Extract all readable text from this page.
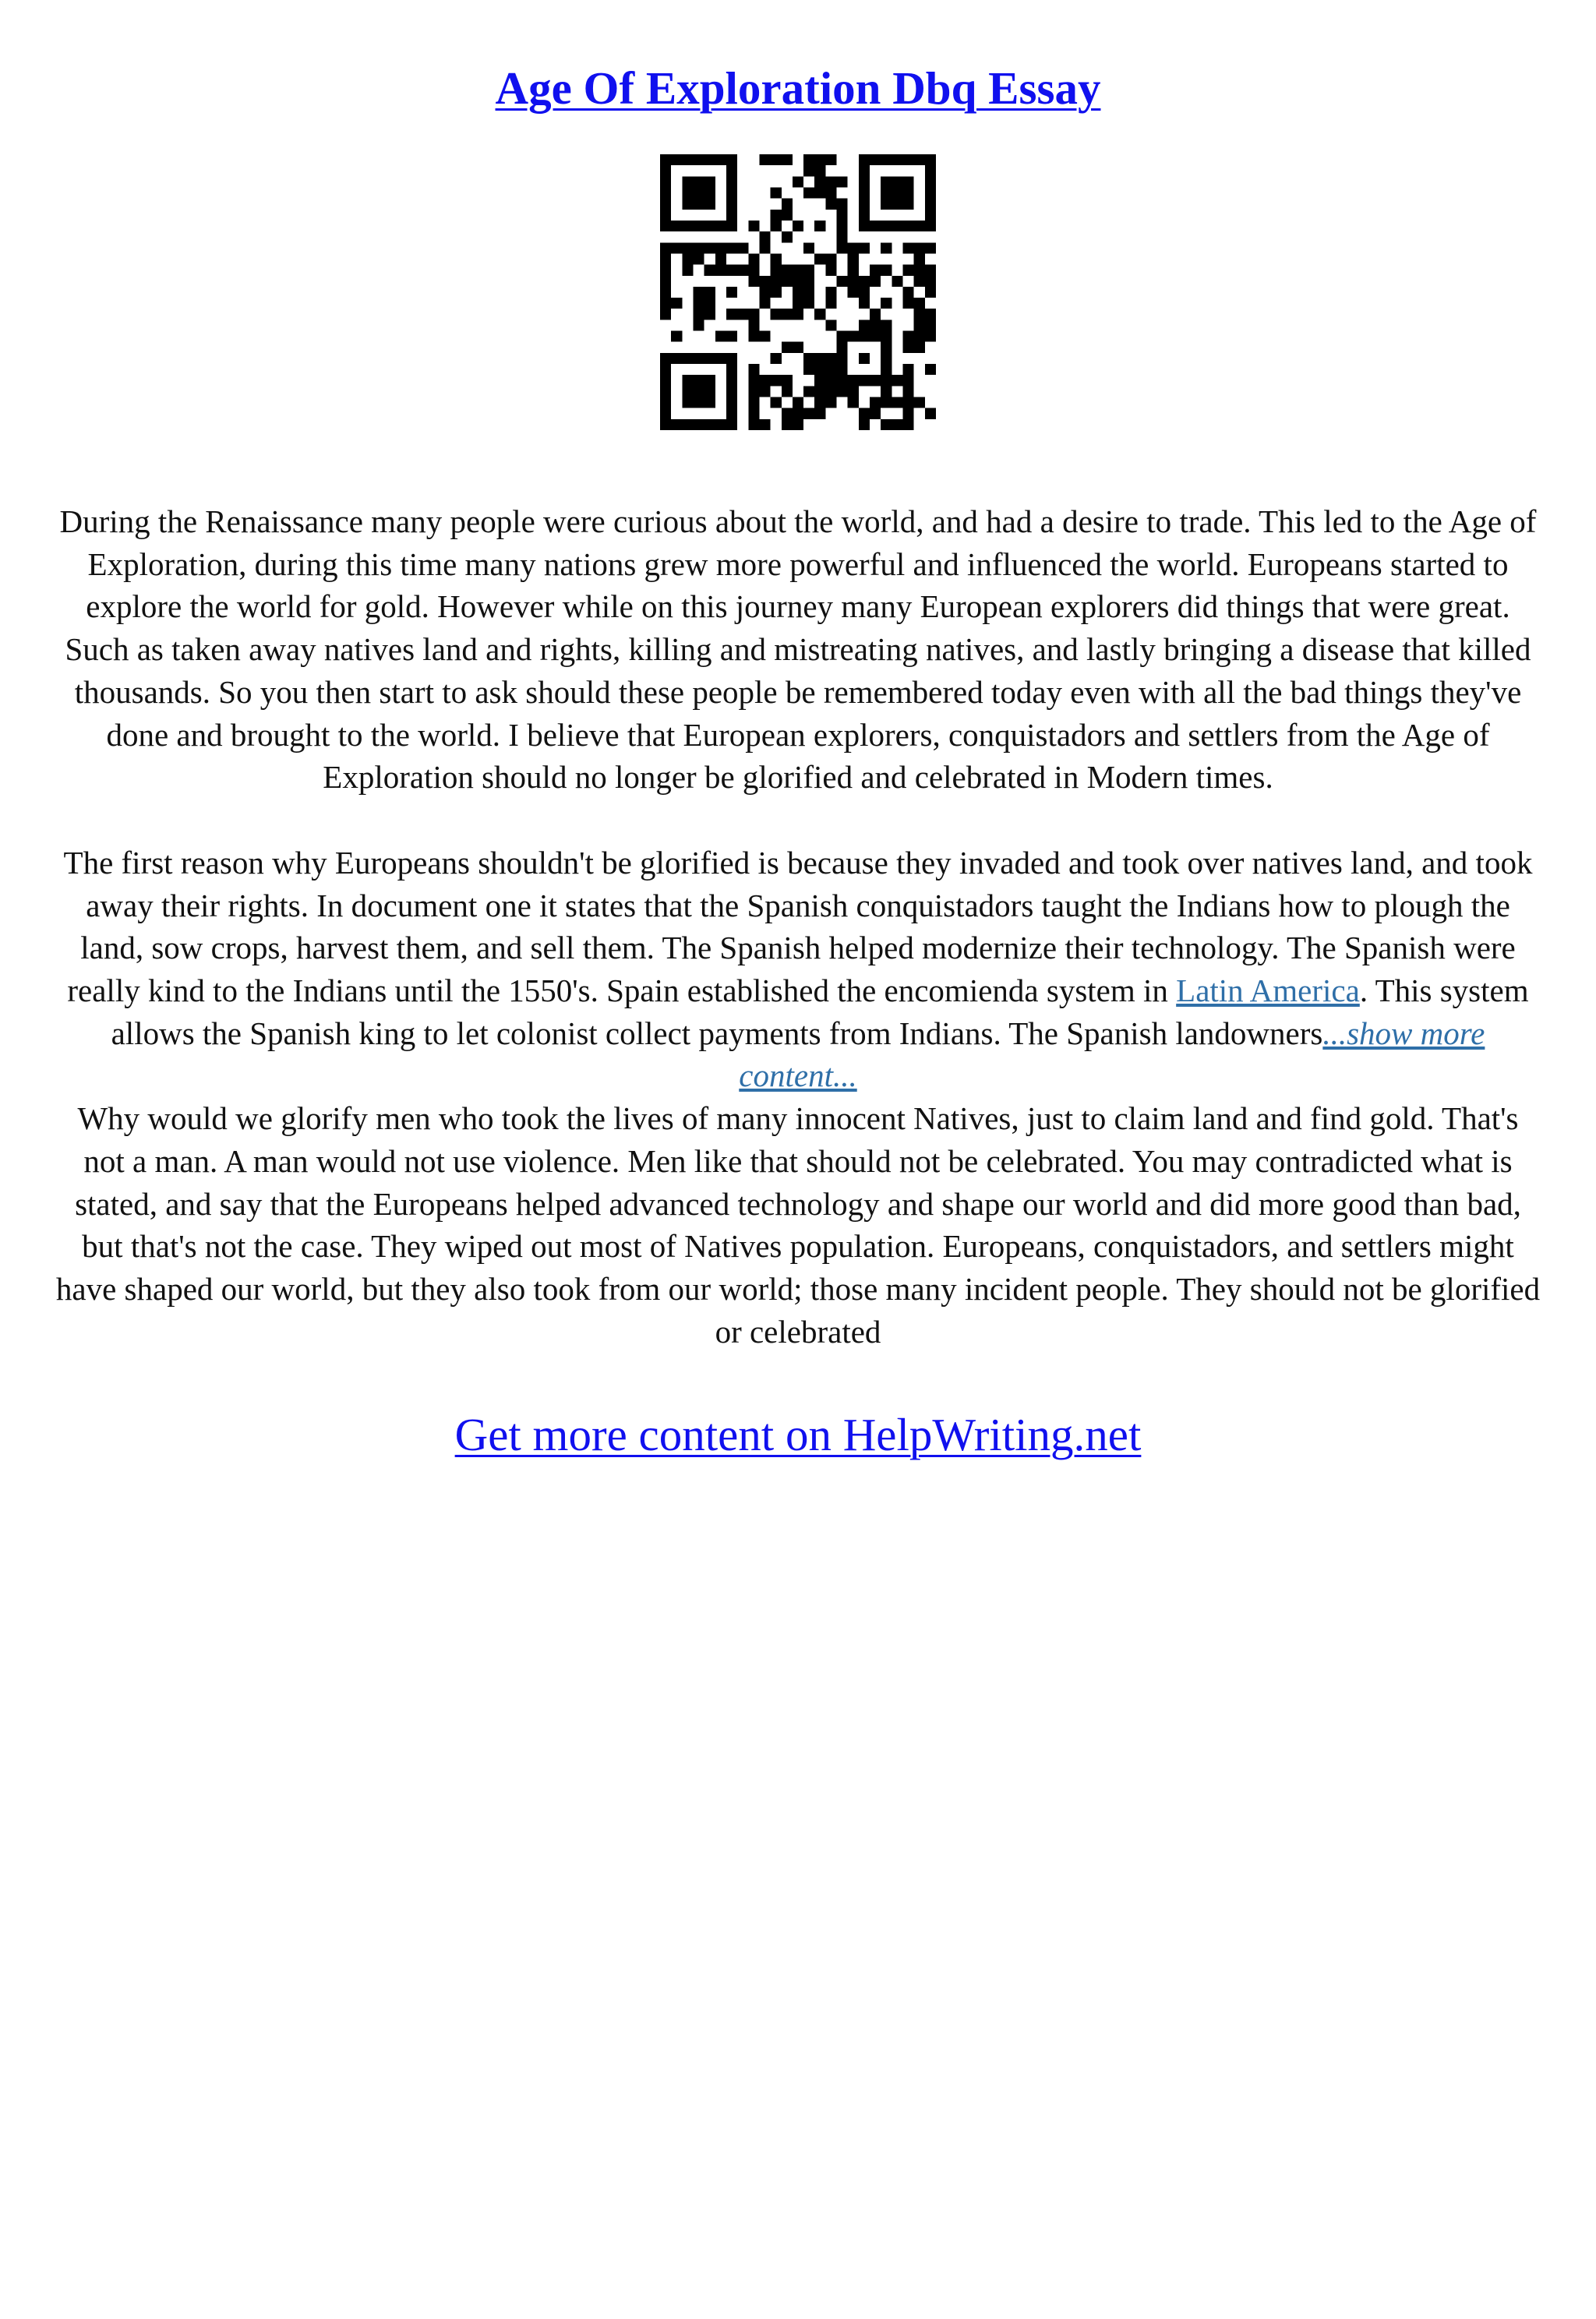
Age Of Exploration Dbq Essay

During the Renaissance many people were curious about the world, and had a desire to trade. This led to the Age of Exploration, during this time many nations grew more powerful and influenced the world. Europeans started to explore the world for gold. However while on this journey many European explorers did things that were great. Such as taken away natives land and rights, killing and mistreating natives, and lastly bringing a disease that killed thousands. So you then start to ask should these people be remembered today even with all the bad things they've done and brought to the world. I believe that European explorers, conquistadors and settlers from the Age of Exploration should no longer be glorified and celebrated in Modern times.

The first reason why Europeans shouldn't be glorified is because they invaded and took over natives land, and took away their rights. In document one it states that the Spanish conquistadors taught the Indians how to plough the land, sow crops, harvest them, and sell them. The Spanish helped modernize their technology. The Spanish were really kind to the Indians until the 1550's. Spain established the encomienda system in Latin America. This system allows the Spanish king to let colonist collect payments from Indians. The Spanish landowners...show more content...

Why would we glorify men who took the lives of many innocent Natives, just to claim land and find gold. That's not a man. A man would not use violence. Men like that should not be celebrated. You may contradicted what is stated, and say that the Europeans helped advanced technology and shape our world and did more good than bad, but that's not the case. They wiped out most of Natives population. Europeans, conquistadors, and settlers might have shaped our world, but they also took from our world; those many incident people. They should not be glorified or celebrated

Get more content on HelpWriting.net
